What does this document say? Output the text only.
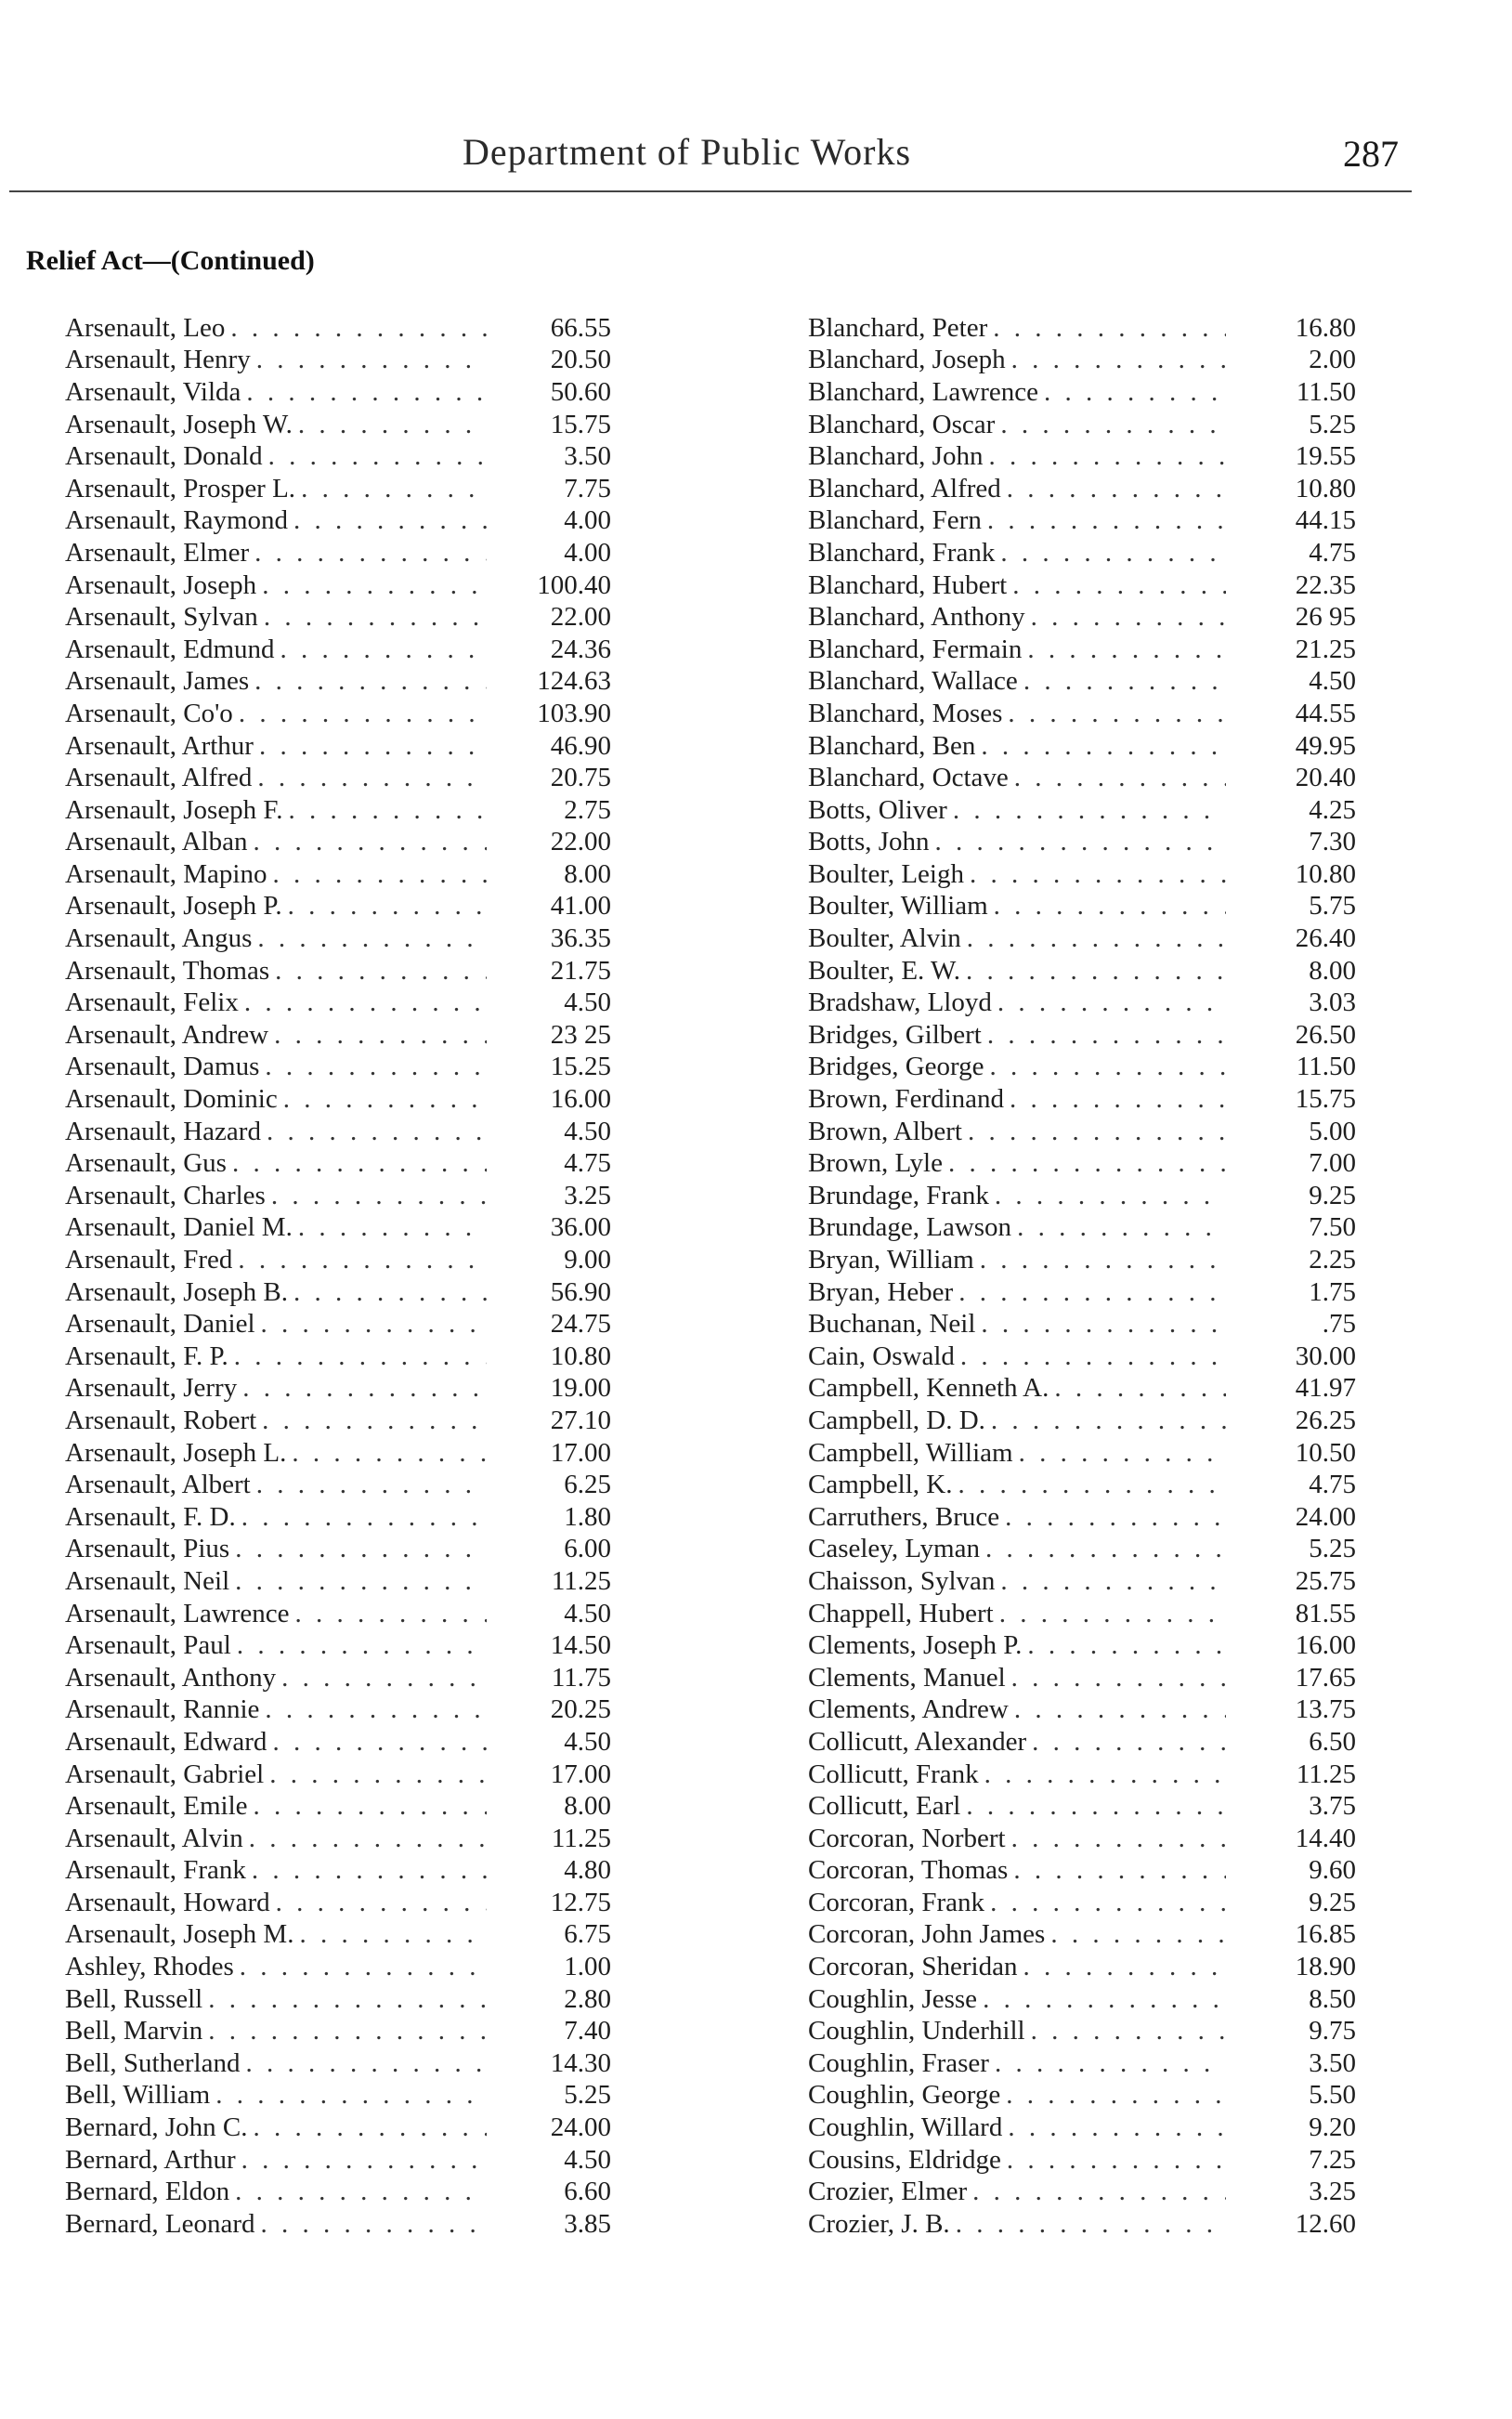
Department of Public Works	287
Relief Act—(Continued)
Arsenault, Leo . . .	66.55
Arsenault, Henry . . .	20.50
Arsenault, Vilda . . .	50.60
Arsenault, Joseph W. . . .	15.75
Arsenault, Donald . . .	3.50
Arsenault, Prosper L. . . .	7.75
Arsenault, Raymond . . .	4.00
Arsenault, Elmer . . .	4.00
Arsenault, Joseph . . .	100.40
Arsenault, Sylvan . . .	22.00
Arsenault, Edmund . . .	24.36
Arsenault, James . . .	124.63
Arsenault, Co'o . . .	103.90
Arsenault, Arthur . . .	46.90
Arsenault, Alfred . . .	20.75
Arsenault, Joseph F. . . .	2.75
Arsenault, Alban . . .	22.00
Arsenault, Mapino . . .	8.00
Arsenault, Joseph P. . . .	41.00
Arsenault, Angus . . .	36.35
Arsenault, Thomas . . .	21.75
Arsenault, Felix . . .	4.50
Arsenault, Andrew . . .	23 25
Arsenault, Damus . . .	15.25
Arsenault, Dominic . . .	16.00
Arsenault, Hazard . . .	4.50
Arsenault, Gus . . .	4.75
Arsenault, Charles . . .	3.25
Arsenault, Daniel M. . . .	36.00
Arsenault, Fred . . .	9.00
Arsenault, Joseph B. . . .	56.90
Arsenault, Daniel . . .	24.75
Arsenault, F. P. . . .	10.80
Arsenault, Jerry . . .	19.00
Arsenault, Robert . . .	27.10
Arsenault, Joseph L. . . .	17.00
Arsenault, Albert . . .	6.25
Arsenault, F. D. . . .	1.80
Arsenault, Pius . . .	6.00
Arsenault, Neil . . .	11.25
Arsenault, Lawrence . . .	4.50
Arsenault, Paul . . .	14.50
Arsenault, Anthony . . .	11.75
Arsenault, Rannie . . .	20.25
Arsenault, Edward . . .	4.50
Arsenault, Gabriel . . .	17.00
Arsenault, Emile . . .	8.00
Arsenault, Alvin . . .	11.25
Arsenault, Frank . . .	4.80
Arsenault, Howard . . .	12.75
Arsenault, Joseph M. . . .	6.75
Ashley, Rhodes . . .	1.00
Bell, Russell . . .	2.80
Bell, Marvin . . .	7.40
Bell, Sutherland . . .	14.30
Bell, William . . .	5.25
Bernard, John C. . . .	24.00
Bernard, Arthur . . .	4.50
Bernard, Eldon . . .	6.60
Bernard, Leonard . . .	3.85
Blanchard, Peter . . .	16.80
Blanchard, Joseph . . .	2.00
Blanchard, Lawrence . . .	11.50
Blanchard, Oscar . . .	5.25
Blanchard, John . . .	19.55
Blanchard, Alfred . . .	10.80
Blanchard, Fern . . .	44.15
Blanchard, Frank . . .	4.75
Blanchard, Hubert . . .	22.35
Blanchard, Anthony . . .	26 95
Blanchard, Fermain . . .	21.25
Blanchard, Wallace . . .	4.50
Blanchard, Moses . . .	44.55
Blanchard, Ben . . .	49.95
Blanchard, Octave . . .	20.40
Botts, Oliver . . .	4.25
Botts, John . . .	7.30
Boulter, Leigh . . .	10.80
Boulter, William . . .	5.75
Boulter, Alvin . . .	26.40
Boulter, E. W. . . .	8.00
Bradshaw, Lloyd . . .	3.03
Bridges, Gilbert . . .	26.50
Bridges, George . . .	11.50
Brown, Ferdinand . . .	15.75
Brown, Albert . . .	5.00
Brown, Lyle . . .	7.00
Brundage, Frank . . .	9.25
Brundage, Lawson . . .	7.50
Bryan, William . . .	2.25
Bryan, Heber . . .	1.75
Buchanan, Neil . . .	.75
Cain, Oswald . . .	30.00
Campbell, Kenneth A. . . .	41.97
Campbell, D. D. . . .	26.25
Campbell, William . . .	10.50
Campbell, K. . . .	4.75
Carruthers, Bruce . . .	24.00
Caseley, Lyman . . .	5.25
Chaisson, Sylvan . . .	25.75
Chappell, Hubert . . .	81.55
Clements, Joseph P. . . .	16.00
Clements, Manuel . . .	17.65
Clements, Andrew . . .	13.75
Collicutt, Alexander . . .	6.50
Collicutt, Frank . . .	11.25
Collicutt, Earl . . .	3.75
Corcoran, Norbert . . .	14.40
Corcoran, Thomas . . .	9.60
Corcoran, Frank . . .	9.25
Corcoran, John James . . .	16.85
Corcoran, Sheridan . . .	18.90
Coughlin, Jesse . . .	8.50
Coughlin, Underhill . . .	9.75
Coughlin, Fraser . . .	3.50
Coughlin, George . . .	5.50
Coughlin, Willard . . .	9.20
Cousins, Eldridge . . .	7.25
Crozier, Elmer . . .	3.25
Crozier, J. B. . . .	12.60
